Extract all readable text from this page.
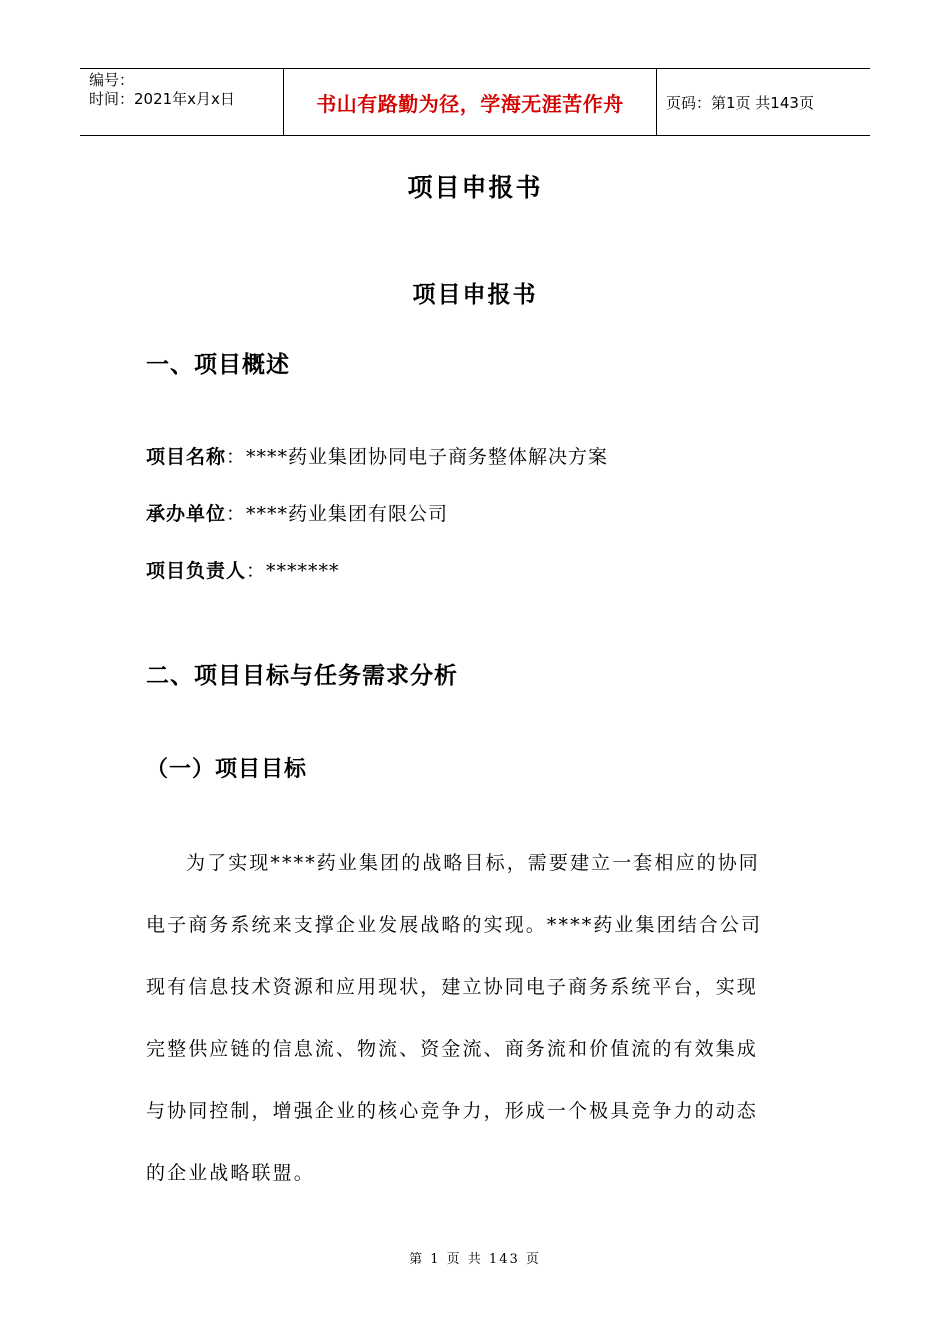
编号：
时间：2021年x月x日	书山有路勤为径，学海无涯苦作舟	页码：第1页 共143页
项目申报书
项目申报书
一、项目概述
项目名称：****药业集团协同电子商务整体解决方案
承办单位：****药业集团有限公司
项目负责人：*******
二、项目目标与任务需求分析
（一）项目目标
为了实现****药业集团的战略目标，需要建立一套相应的协同
电子商务系统来支撑企业发展战略的实现。****药业集团结合公司
现有信息技术资源和应用现状，建立协同电子商务系统平台，实现
完整供应链的信息流、物流、资金流、商务流和价值流的有效集成
与协同控制，增强企业的核心竞争力，形成一个极具竞争力的动态
的企业战略联盟。
第 1 页 共 143 页
